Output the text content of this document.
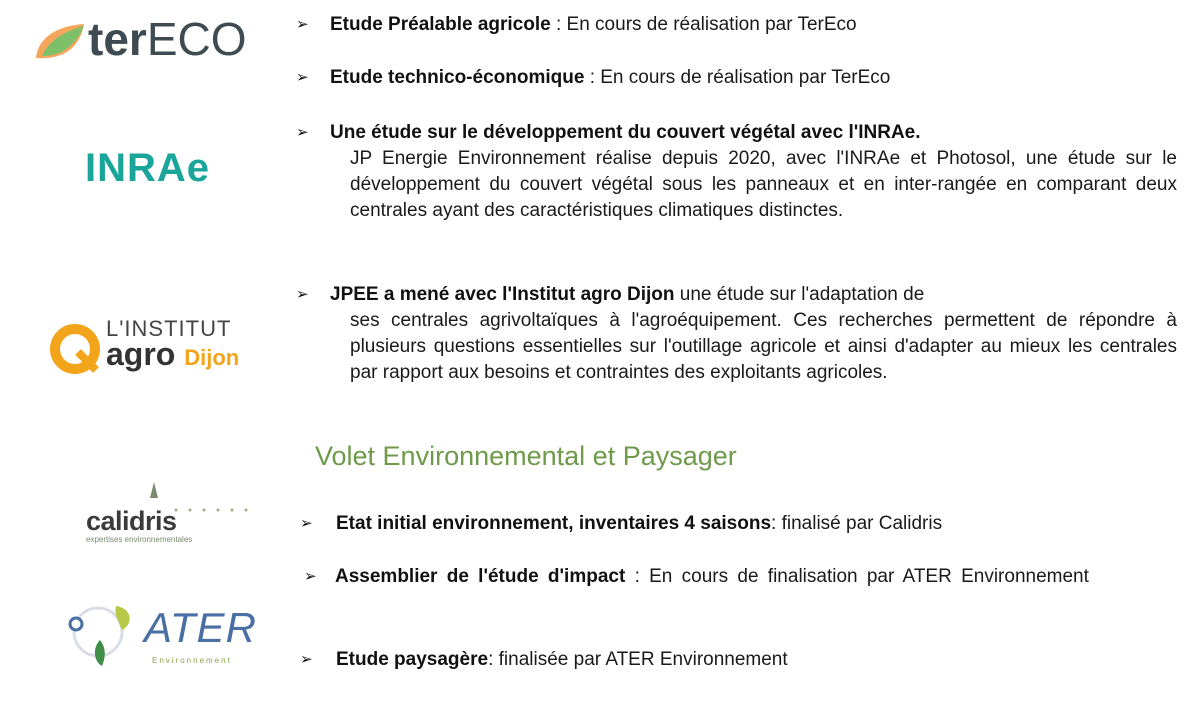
terECO
INRAe
L'INSTITUT
agro Dijon
calidris
expertises environnementales
ATER
Environnement
➢ Etude Préalable agricole : En cours de réalisation par TerEco
➢ Etude technico-économique : En cours de réalisation par TerEco
➢ Une étude sur le développement du couvert végétal avec l'INRAe.
JP Energie Environnement réalise depuis 2020, avec l'INRAe et Photosol, une étude sur le développement du couvert végétal sous les panneaux et en inter-rangée en comparant deux centrales ayant des caractéristiques climatiques distinctes.
➢ JPEE a mené avec l'Institut agro Dijon une étude sur l'adaptation de
ses centrales agrivoltaïques à l'agroéquipement. Ces recherches permettent de répondre à plusieurs questions essentielles sur l'outillage agricole et ainsi d'adapter au mieux les centrales par rapport aux besoins et contraintes des exploitants agricoles.
Volet Environnemental et Paysager
➢ Etat initial environnement, inventaires 4 saisons: finalisé par Calidris
➢ Assemblier de l'étude d'impact : En cours de finalisation par ATER Environnement
➢ Etude paysagère: finalisée par ATER Environnement
